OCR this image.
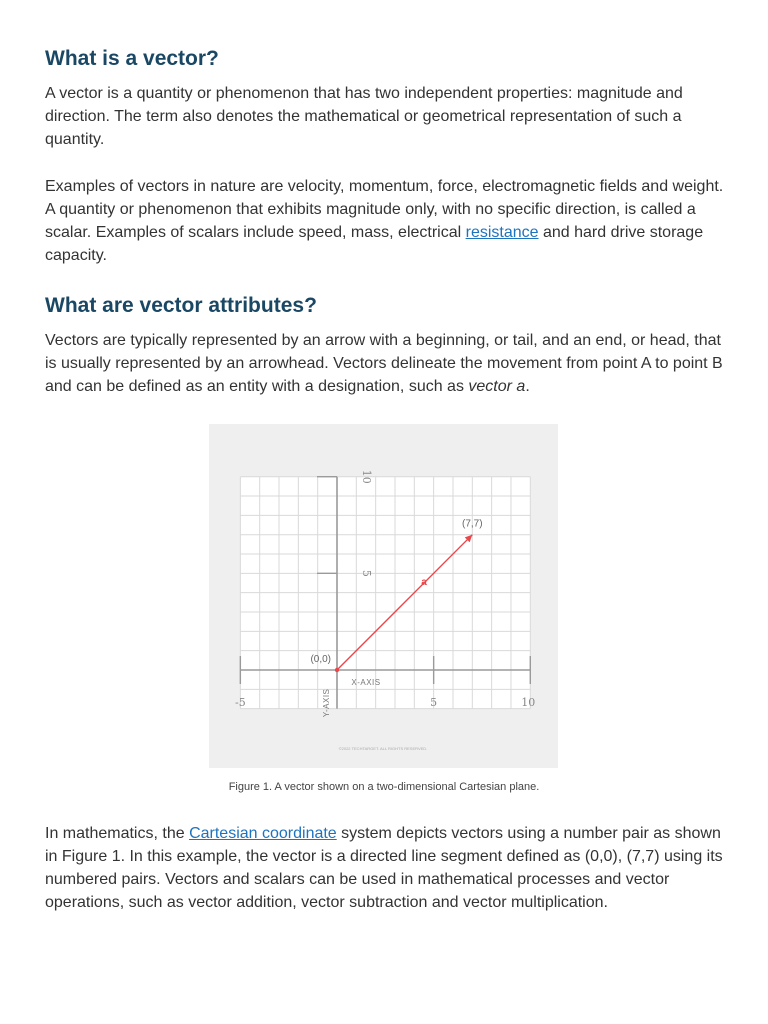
What is a vector?

A vector is a quantity or phenomenon that has two independent properties: magnitude and direction. The term also denotes the mathematical or geometrical representation of such a quantity.

Examples of vectors in nature are velocity, momentum, force, electromagnetic fields and weight. A quantity or phenomenon that exhibits magnitude only, with no specific direction, is called a scalar. Examples of scalars include speed, mass, electrical resistance and hard drive storage capacity.

What are vector attributes?

Vectors are typically represented by an arrow with a beginning, or tail, and an end, or head, that is usually represented by an arrowhead. Vectors delineate the movement from point A to point B and can be defined as an entity with a designation, such as vector a.

-5	5	10
5
10
X-AXIS
Y-AXIS
(0,0)
(7,7)
a
©2022 TECHTARGET. ALL RIGHTS RESERVED.
Figure 1. A vector shown on a two-dimensional Cartesian plane.

In mathematics, the Cartesian coordinate system depicts vectors using a number pair as shown in Figure 1. In this example, the vector is a directed line segment defined as (0,0), (7,7) using its numbered pairs. Vectors and scalars can be used in mathematical processes and vector operations, such as vector addition, vector subtraction and vector multiplication.
